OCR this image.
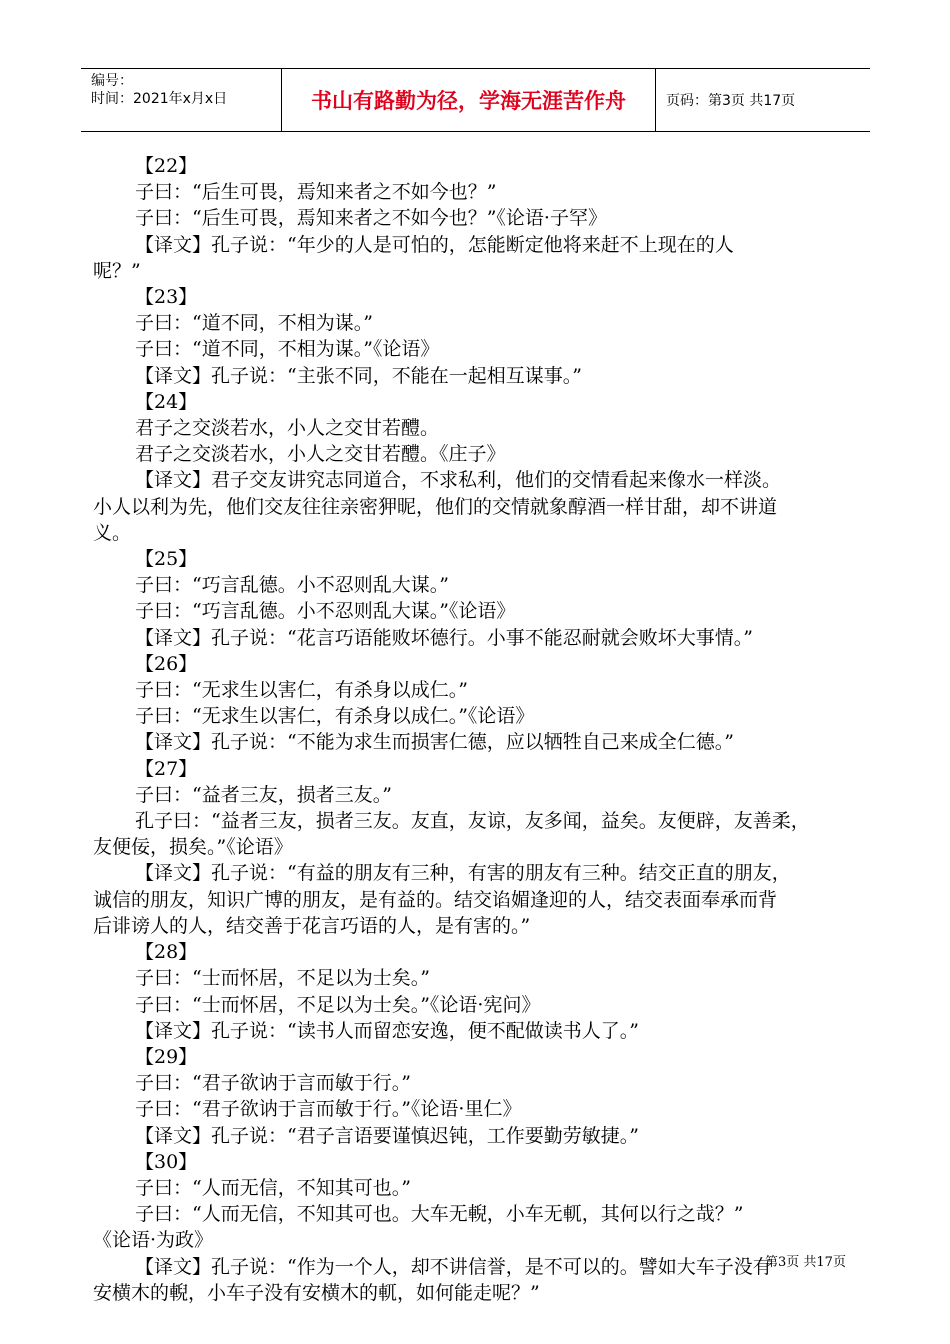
编号：
时间：2021年x月x日	书山有路勤为径，学海无涯苦作舟	页码：第3页 共17页
【22】
子曰：“后生可畏，焉知来者之不如今也？”
子曰：“后生可畏，焉知来者之不如今也？”《论语·子罕》
【译文】孔子说：“年少的人是可怕的，怎能断定他将来赶不上现在的人
呢？”
【23】
子曰：“道不同，不相为谋。”
子曰：“道不同，不相为谋。”《论语》
【译文】孔子说：“主张不同，不能在一起相互谋事。”
【24】
君子之交淡若水，小人之交甘若醴。
君子之交淡若水，小人之交甘若醴。《庄子》
【译文】君子交友讲究志同道合，不求私利，他们的交情看起来像水一样淡。
小人以利为先，他们交友往往亲密狎昵，他们的交情就象醇酒一样甘甜，却不讲道
义。
【25】
子曰：“巧言乱德。小不忍则乱大谋。”
子曰：“巧言乱德。小不忍则乱大谋。”《论语》
【译文】孔子说：“花言巧语能败坏德行。小事不能忍耐就会败坏大事情。”
【26】
子曰：“无求生以害仁，有杀身以成仁。”
子曰：“无求生以害仁，有杀身以成仁。”《论语》
【译文】孔子说：“不能为求生而损害仁德，应以牺牲自己来成全仁德。”
【27】
子曰：“益者三友，损者三友。”
孔子曰：“益者三友，损者三友。友直，友谅，友多闻，益矣。友便辟，友善柔，
友便佞，损矣。”《论语》
【译文】孔子说：“有益的朋友有三种，有害的朋友有三种。结交正直的朋友，
诚信的朋友，知识广博的朋友，是有益的。结交谄媚逢迎的人，结交表面奉承而背
后诽谤人的人，结交善于花言巧语的人，是有害的。”
【28】
子曰：“士而怀居，不足以为士矣。”
子曰：“士而怀居，不足以为士矣。”《论语·宪问》
【译文】孔子说：“读书人而留恋安逸，便不配做读书人了。”
【29】
子曰：“君子欲讷于言而敏于行。”
子曰：“君子欲讷于言而敏于行。”《论语·里仁》
【译文】孔子说：“君子言语要谨慎迟钝，工作要勤劳敏捷。”
【30】
子曰：“人而无信，不知其可也。”
子曰：“人而无信，不知其可也。大车无輗，小车无軏，其何以行之哉？”
《论语·为政》
【译文】孔子说：“作为一个人，却不讲信誉，是不可以的。譬如大车子没有
安横木的輗，小车子没有安横木的軏，如何能走呢？”
第3页 共17页
